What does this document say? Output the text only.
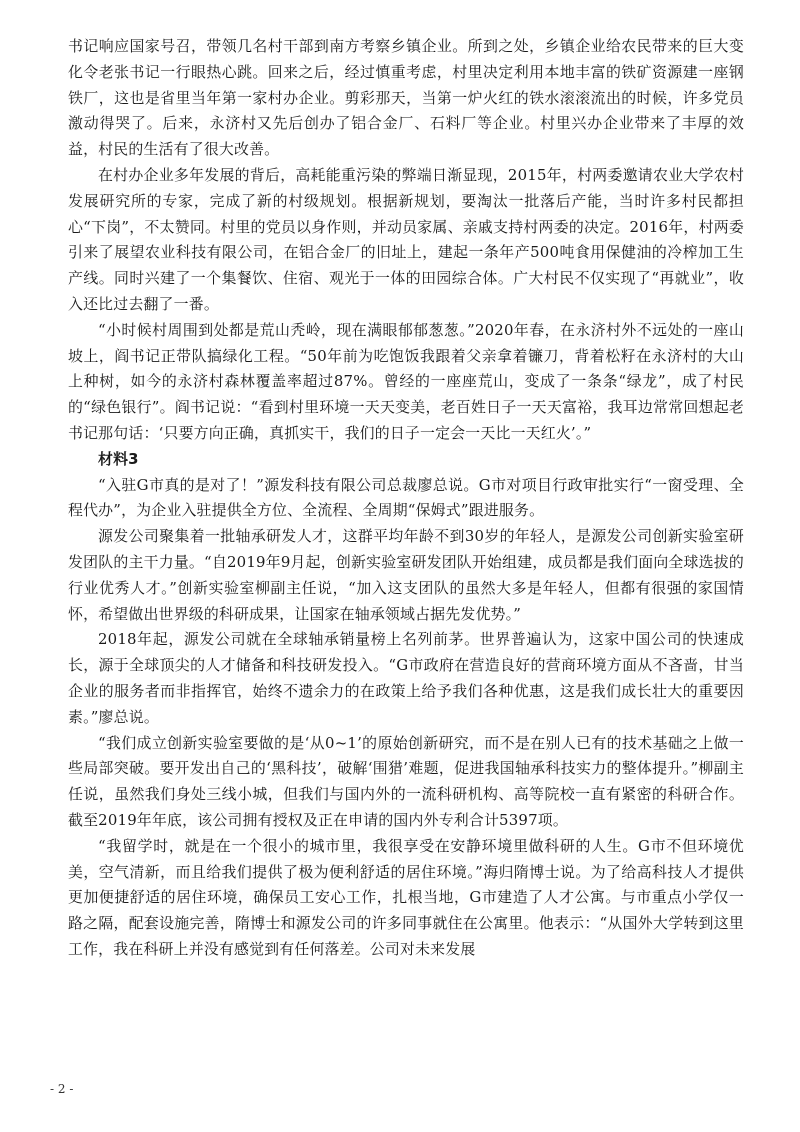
书记响应国家号召，带领几名村干部到南方考察乡镇企业。所到之处，乡镇企业给农民带来的巨大变化令老张书记一行眼热心跳。回来之后，经过慎重考虑，村里决定利用本地丰富的铁矿资源建一座钢铁厂，这也是省里当年第一家村办企业。剪彩那天，当第一炉火红的铁水滚滚流出的时候，许多党员激动得哭了。后来，永济村又先后创办了铝合金厂、石料厂等企业。村里兴办企业带来了丰厚的效益，村民的生活有了很大改善。

在村办企业多年发展的背后，高耗能重污染的弊端日渐显现，2015年，村两委邀请农业大学农村发展研究所的专家，完成了新的村级规划。根据新规划，要淘汰一批落后产能，当时许多村民都担心“下岗”，不太赞同。村里的党员以身作则，并动员家属、亲戚支持村两委的决定。2016年，村两委引来了展望农业科技有限公司，在铝合金厂的旧址上，建起一条年产500吨食用保健油的冷榨加工生产线。同时兴建了一个集餐饮、住宿、观光于一体的田园综合体。广大村民不仅实现了“再就业”，收入还比过去翻了一番。

“小时候村周围到处都是荒山秃岭，现在满眼郁郁葱葱。”2020年春，在永济村外不远处的一座山坡上，阎书记正带队搞绿化工程。“50年前为吃饱饭我跟着父亲拿着镰刀，背着松籽在永济村的大山上种树，如今的永济村森林覆盖率超过87%。曾经的一座座荒山，变成了一条条“绿龙”，成了村民的“绿色银行”。阎书记说：“看到村里环境一天天变美，老百姓日子一天天富裕，我耳边常常回想起老书记那句话：‘只要方向正确，真抓实干，我们的日子一定会一天比一天红火’。”

材料3

“入驻G市真的是对了！”源发科技有限公司总裁廖总说。G市对项目行政审批实行“一窗受理、全程代办”，为企业入驻提供全方位、全流程、全周期“保姆式”跟进服务。

源发公司聚集着一批轴承研发人才，这群平均年龄不到30岁的年轻人，是源发公司创新实验室研发团队的主干力量。“自2019年9月起，创新实验室研发团队开始组建，成员都是我们面向全球选拔的行业优秀人才。”创新实验室柳副主任说，“加入这支团队的虽然大多是年轻人，但都有很强的家国情怀，希望做出世界级的科研成果，让国家在轴承领域占据先发优势。”

2018年起，源发公司就在全球轴承销量榜上名列前茅。世界普遍认为，这家中国公司的快速成长，源于全球顶尖的人才储备和科技研发投入。“G市政府在营造良好的营商环境方面从不吝啬，甘当企业的服务者而非指挥官，始终不遗余力的在政策上给予我们各种优惠，这是我们成长壮大的重要因素。”廖总说。

“我们成立创新实验室要做的是‘从0~1’的原始创新研究，而不是在别人已有的技术基础之上做一些局部突破。要开发出自己的‘黑科技’，破解‘围猎’难题，促进我国轴承科技实力的整体提升。”柳副主任说，虽然我们身处三线小城，但我们与国内外的一流科研机构、高等院校一直有紧密的科研合作。截至2019年年底，该公司拥有授权及正在申请的国内外专利合计5397项。

“我留学时，就是在一个很小的城市里，我很享受在安静环境里做科研的人生。G市不但环境优美，空气清新，而且给我们提供了极为便利舒适的居住环境。”海归隋博士说。为了给高科技人才提供更加便捷舒适的居住环境，确保员工安心工作，扎根当地，G市建造了人才公寓。与市重点小学仅一路之隔，配套设施完善，隋博士和源发公司的许多同事就住在公寓里。他表示：“从国外大学转到这里工作，我在科研上并没有感觉到有任何落差。公司对未来发展

- 2 -
